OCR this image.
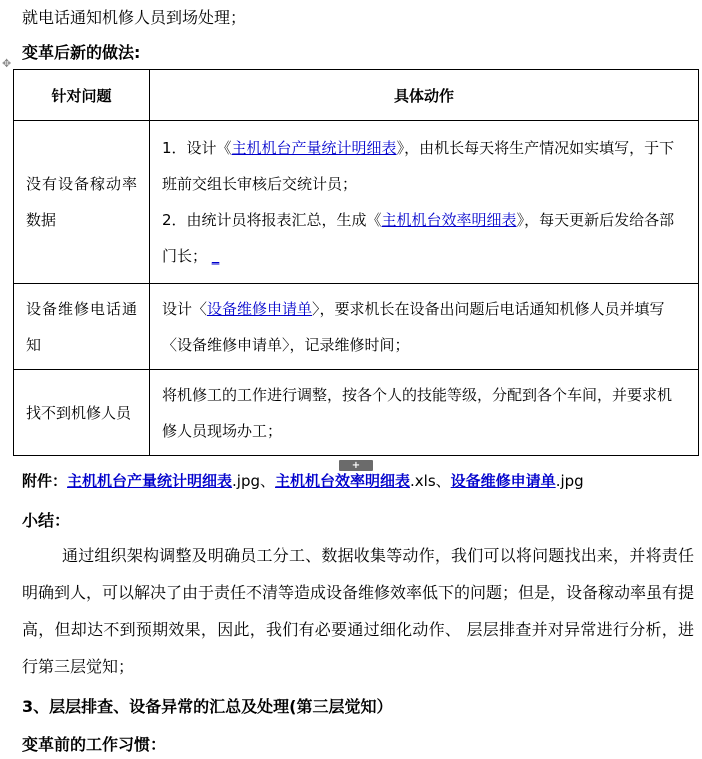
就电话通知机修人员到场处理；
变革后新的做法:
✥
针对问题	具体动作
没有设备稼动率数据	1．设计《主机机台产量统计明细表》，由机长每天将生产情况如实填写，于下班前交组长审核后交统计员；
2．由统计员将报表汇总，生成《主机机台效率明细表》，每天更新后发给各部门长； _

设备维修电话通知	设计〈设备维修申请单〉，要求机长在设备出问题后电话通知机修人员并填写〈设备维修申请单〉，记录维修时间；
找不到机修人员	将机修工的工作进行调整，按各个人的技能等级，分配到各个车间，并要求机修人员现场办工；
+
附件：主机机台产量统计明细表.jpg、主机机台效率明细表.xls、设备维修申请单.jpg
小结：
通过组织架构调整及明确员工分工、数据收集等动作，我们可以将问题找出来，并将责任明确到人，可以解决了由于责任不清等造成设备维修效率低下的问题；但是，设备稼动率虽有提高，但却达不到预期效果，因此，我们有必要通过细化动作、 层层排查并对异常进行分析，进行第三层觉知；
3、层层排查、设备异常的汇总及处理(第三层觉知）
变革前的工作习惯：
